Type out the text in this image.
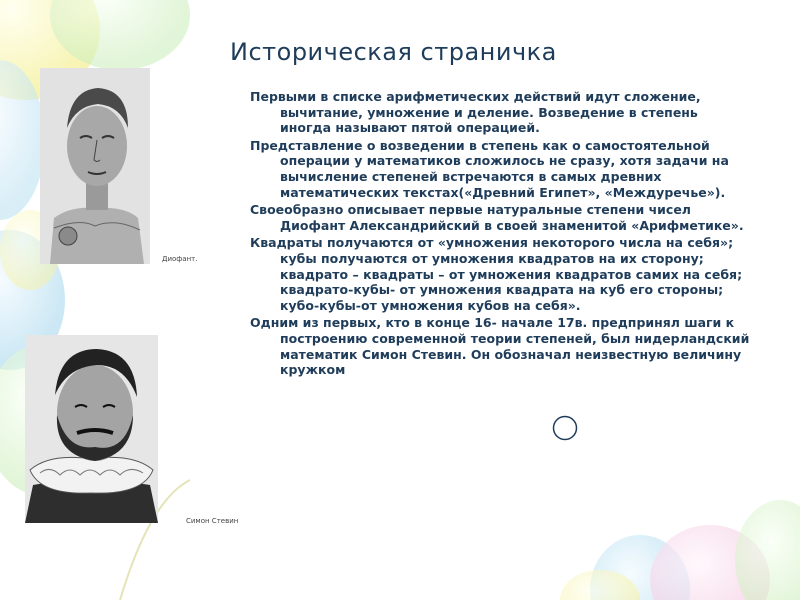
Историческая страничка
Диофант.
Симон Стевин

Первыми в списке арифметических действий идут сложение, вычитание, умножение и деление. Возведение в степень иногда называют пятой операцией.

Представление о возведении в степень как о самостоятельной операции у математиков сложилось не сразу, хотя задачи на вычисление степеней встречаются в самых древних математических текстах(«Древний Египет», «Междуречье»).

Своеобразно описывает первые натуральные степени чисел Диофант Александрийский в своей знаменитой «Арифметике».

Квадраты получаются от «умножения некоторого числа на себя»; кубы получаются от умножения квадратов на их сторону; квадрато – квадраты – от умножения квадратов самих на себя; квадрато-кубы- от умножения квадрата на куб его стороны; кубо-кубы-от умножения кубов на себя».

Одним из первых, кто в конце 16- начале 17в. предпринял шаги к построению современной теории степеней, был нидерландский математик Симон Стевин. Он обозначал неизвестную величину кружком
